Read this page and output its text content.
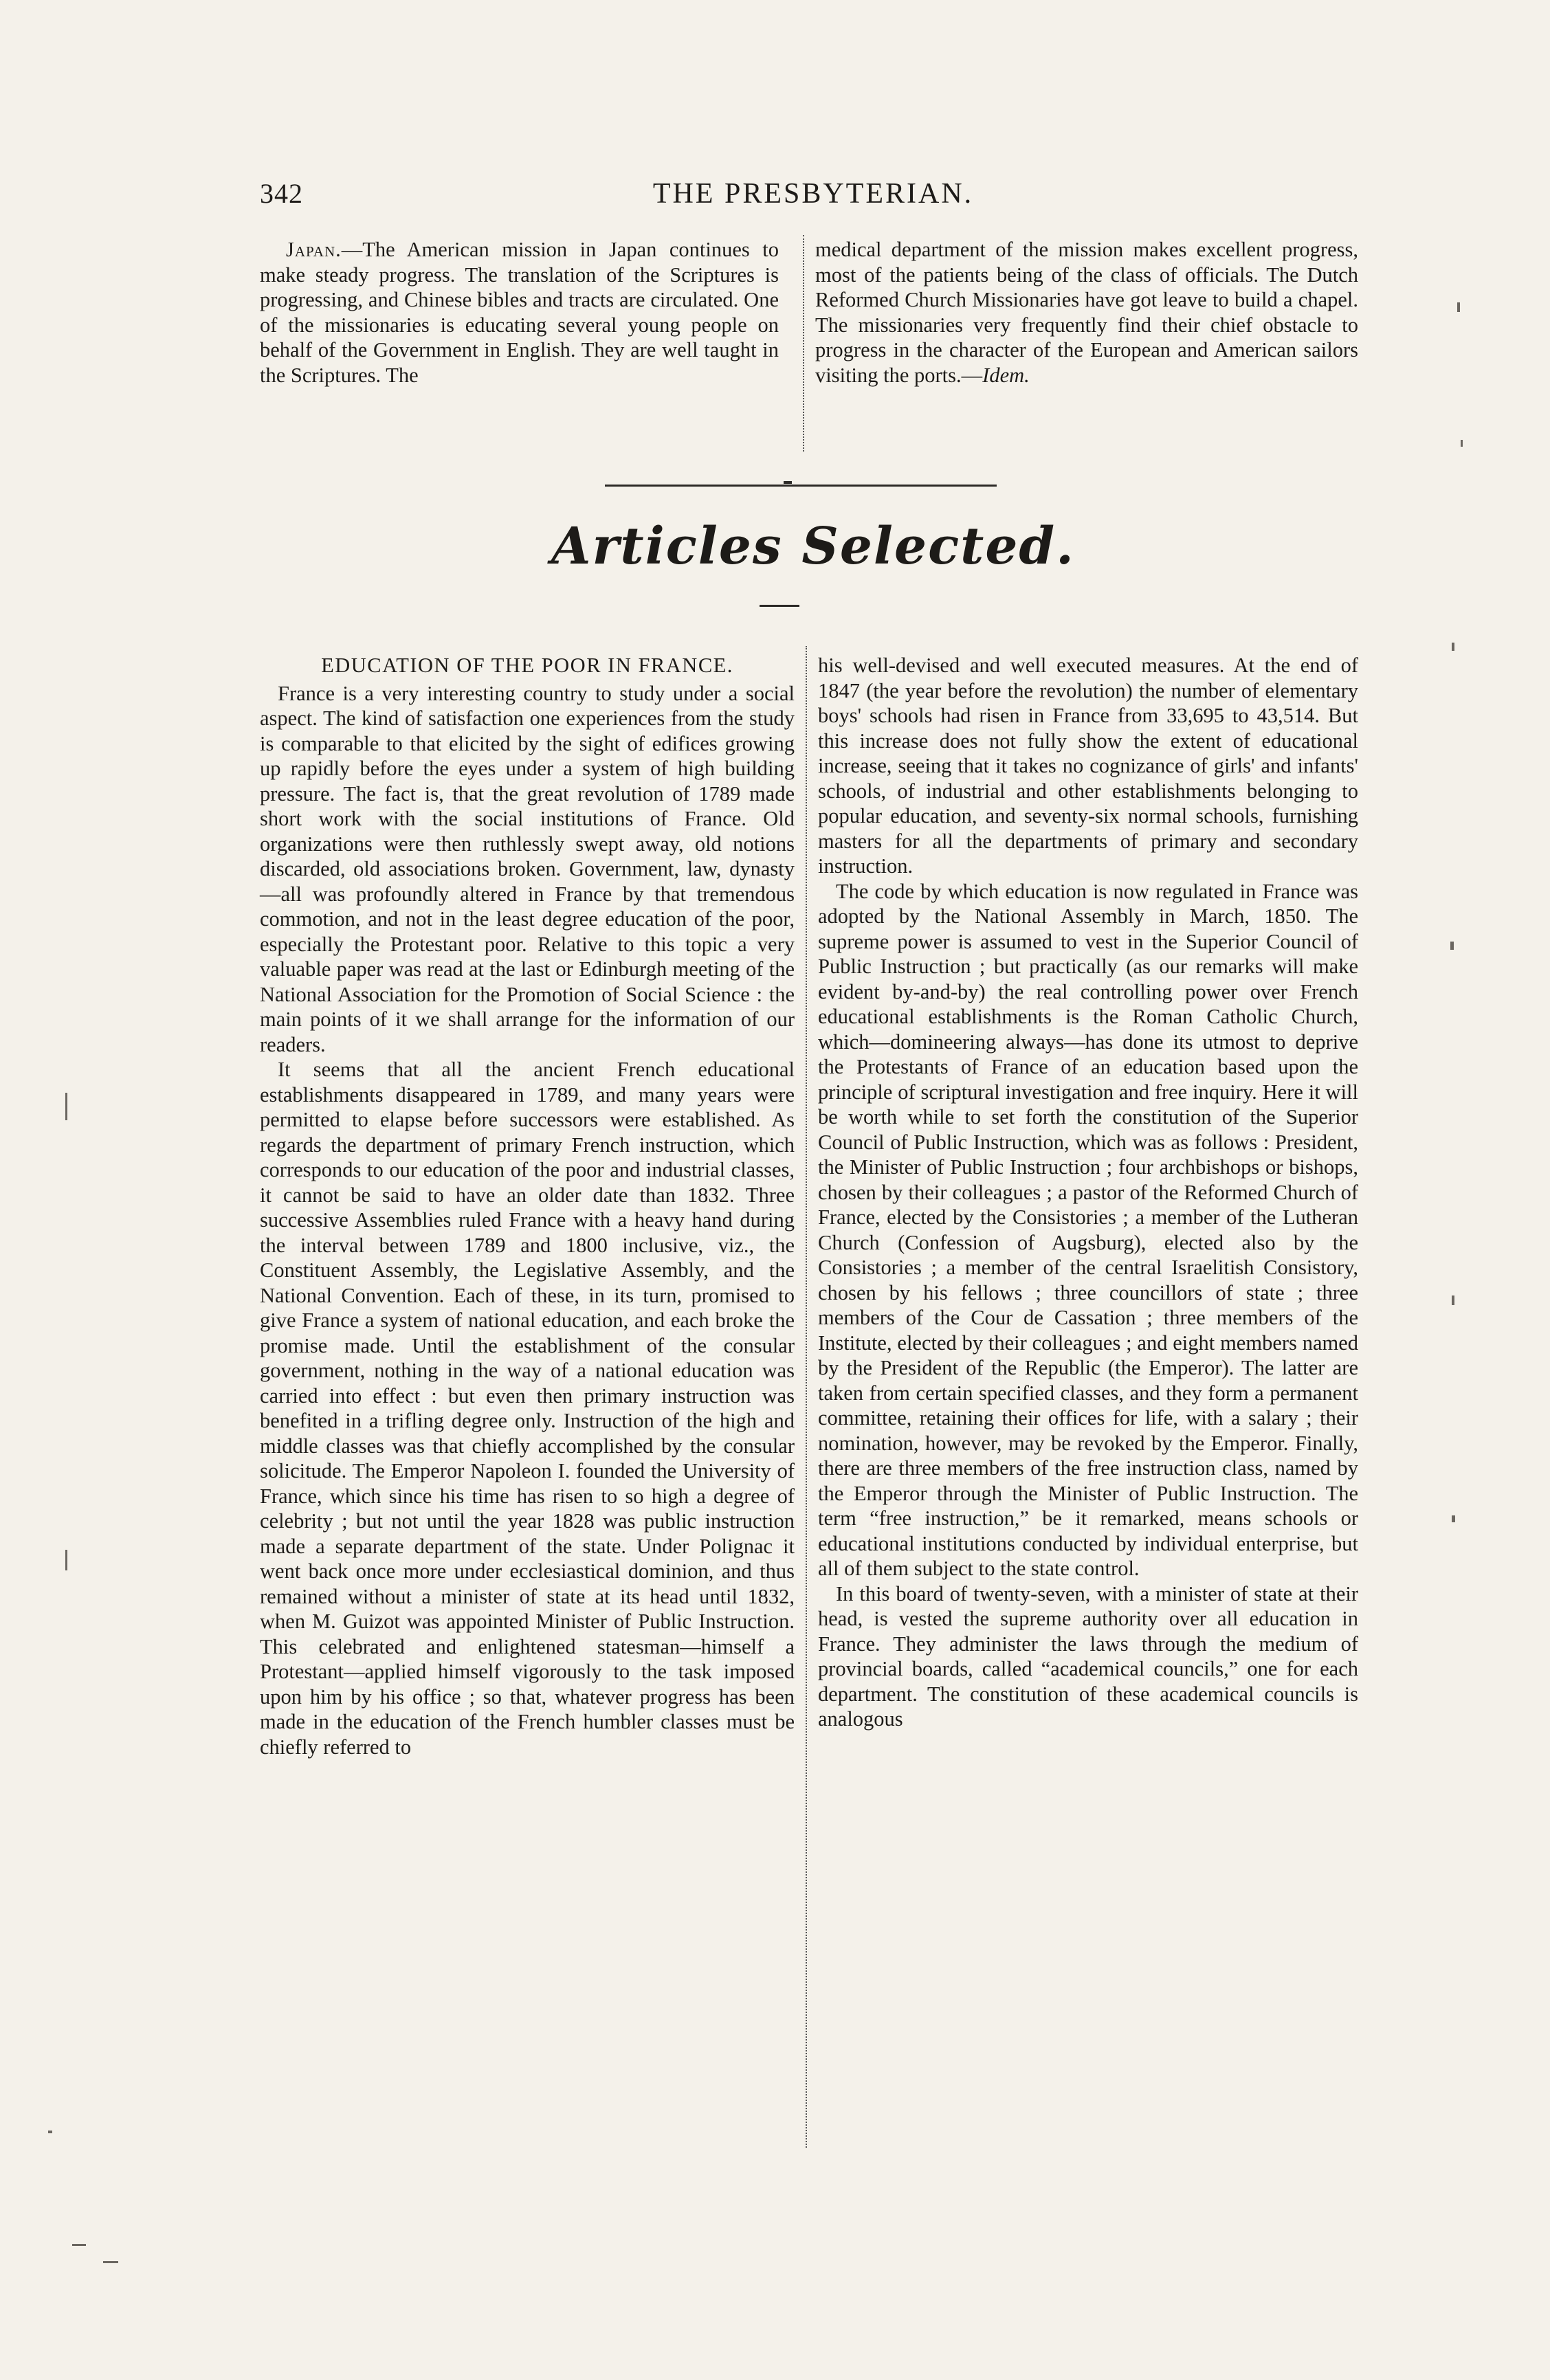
342	THE PRESBYTERIAN.

Japan.—The American mission in Japan continues to make steady progress. The translation of the Scriptures is progressing, and Chinese bibles and tracts are circulated. One of the missionaries is educating several young people on behalf of the Government in English. They are well taught in the Scriptures. The

medical department of the mission makes excellent progress, most of the patients being of the class of officials. The Dutch Reformed Church Missionaries have got leave to build a chapel. The missionaries very frequently find their chief obstacle to progress in the character of the European and American sailors visiting the ports.—Idem.

Articles Selected.

EDUCATION OF THE POOR IN FRANCE.

France is a very interesting country to study under a social aspect. The kind of satisfaction one experiences from the study is comparable to that elicited by the sight of edifices growing up rapidly before the eyes under a system of high building pressure. The fact is, that the great revolution of 1789 made short work with the social institutions of France. Old organizations were then ruthlessly swept away, old notions discarded, old associations broken. Government, law, dynasty—all was profoundly altered in France by that tremendous commotion, and not in the least degree education of the poor, especially the Protestant poor. Relative to this topic a very valuable paper was read at the last or Edinburgh meeting of the National Association for the Promotion of Social Science : the main points of it we shall arrange for the information of our readers.

It seems that all the ancient French educational establishments disappeared in 1789, and many years were permitted to elapse before successors were established. As regards the department of primary French instruction, which corresponds to our education of the poor and industrial classes, it cannot be said to have an older date than 1832. Three successive Assemblies ruled France with a heavy hand during the interval between 1789 and 1800 inclusive, viz., the Constituent Assembly, the Legislative Assembly, and the National Convention. Each of these, in its turn, promised to give France a system of national education, and each broke the promise made. Until the establishment of the consular government, nothing in the way of a national education was carried into effect : but even then primary instruction was benefited in a trifling degree only. Instruction of the high and middle classes was that chiefly accomplished by the consular solicitude. The Emperor Napoleon I. founded the University of France, which since his time has risen to so high a degree of celebrity ; but not until the year 1828 was public instruction made a separate department of the state. Under Polignac it went back once more under ecclesiastical dominion, and thus remained without a minister of state at its head until 1832, when M. Guizot was appointed Minister of Public Instruction. This celebrated and enlightened statesman—himself a Protestant—applied himself vigorously to the task imposed upon him by his office ; so that, whatever progress has been made in the education of the French humbler classes must be chiefly referred to

his well-devised and well executed measures. At the end of 1847 (the year before the revolution) the number of elementary boys' schools had risen in France from 33,695 to 43,514. But this increase does not fully show the extent of educational increase, seeing that it takes no cognizance of girls' and infants' schools, of industrial and other establishments belonging to popular education, and seventy-six normal schools, furnishing masters for all the departments of primary and secondary instruction.

The code by which education is now regulated in France was adopted by the National Assembly in March, 1850. The supreme power is assumed to vest in the Superior Council of Public Instruction ; but practically (as our remarks will make evident by-and-by) the real controlling power over French educational establishments is the Roman Catholic Church, which—domineering always—has done its utmost to deprive the Protestants of France of an education based upon the principle of scriptural investigation and free inquiry. Here it will be worth while to set forth the constitution of the Superior Council of Public Instruction, which was as follows : President, the Minister of Public Instruction ; four archbishops or bishops, chosen by their colleagues ; a pastor of the Reformed Church of France, elected by the Consistories ; a member of the Lutheran Church (Confession of Augsburg), elected also by the Consistories ; a member of the central Israelitish Consistory, chosen by his fellows ; three councillors of state ; three members of the Cour de Cassation ; three members of the Institute, elected by their colleagues ; and eight members named by the President of the Republic (the Emperor). The latter are taken from certain specified classes, and they form a permanent committee, retaining their offices for life, with a salary ; their nomination, however, may be revoked by the Emperor. Finally, there are three members of the free instruction class, named by the Emperor through the Minister of Public Instruction. The term “free instruction,” be it remarked, means schools or educational institutions conducted by individual enterprise, but all of them subject to the state control.

In this board of twenty-seven, with a minister of state at their head, is vested the supreme authority over all education in France. They administer the laws through the medium of provincial boards, called “academical councils,” one for each department. The constitution of these academical councils is analogous
